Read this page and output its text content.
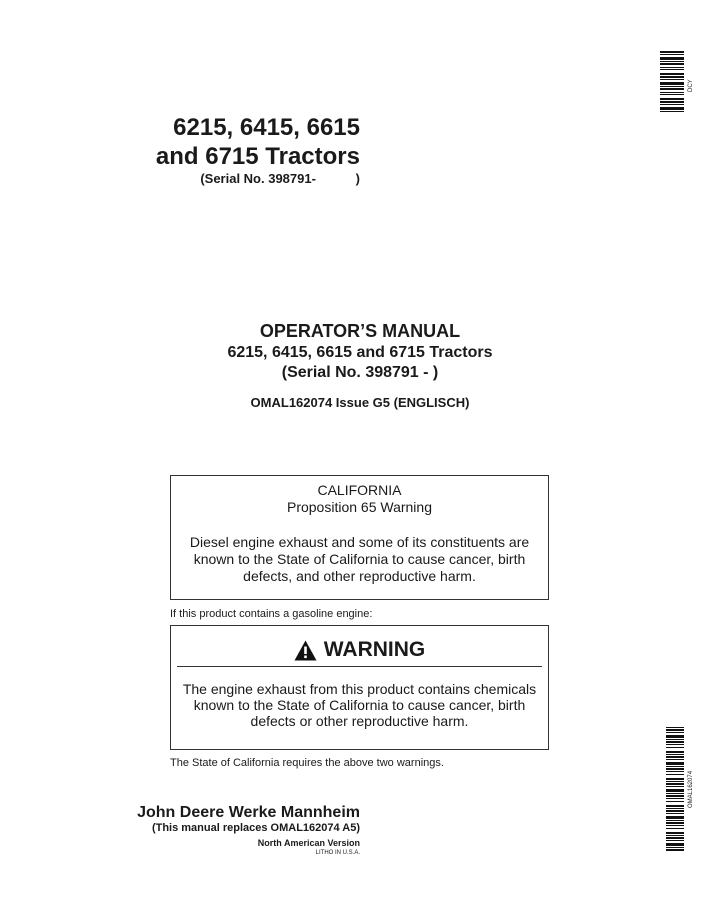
6215, 6415, 6615
and 6715 Tractors
(Serial No. 398791-           )
OPERATOR’S MANUAL
6215, 6415, 6615 and 6715 Tractors
(Serial No. 398791 - )
OMAL162074 Issue G5 (ENGLISCH)
CALIFORNIA
Proposition 65 Warning
Diesel engine exhaust and some of its constituents are known to the State of California to cause cancer, birth defects, and other reproductive harm.
If this product contains a gasoline engine:
WARNING
The engine exhaust from this product contains chemicals known to the State of California to cause cancer, birth defects or other reproductive harm.
The State of California requires the above two warnings.
John Deere Werke Mannheim
(This manual replaces OMAL162074 A5)
North American Version
LITHO IN U.S.A.
DCY
OMAL162074
